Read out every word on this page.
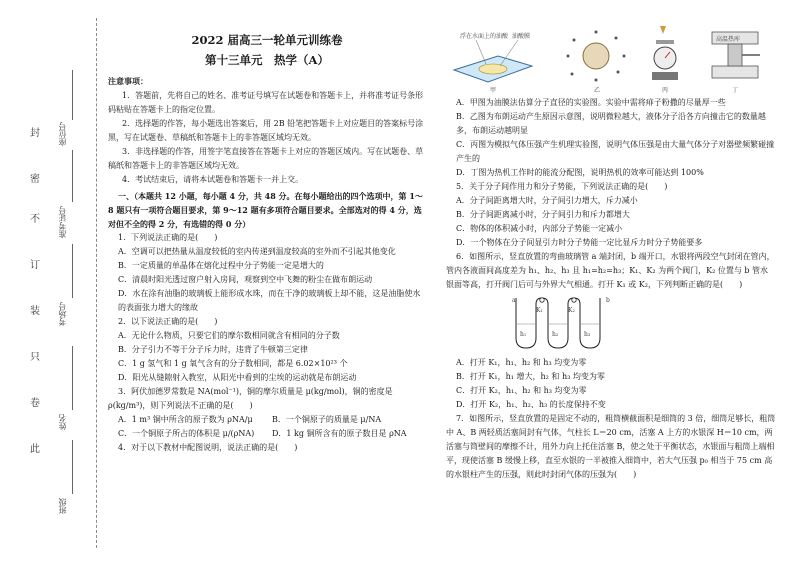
封
密
不
订
装
只
卷
此
座位号
准考证号
考场号
姓名
班级
2022 届高三一轮单元训练卷
第十三单元　热学（A）
注意事项：

1．答题前，先将自己的姓名、准考证号填写在试题卷和答题卡上，并将准考证号条形码粘贴在答题卡上的指定位置。

2．选择题的作答，每小题选出答案后，用 2B 铅笔把答题卡上对应题目的答案标号涂黑，写在试题卷、草稿纸和答题卡上的非答题区域均无效。

3．非选择题的作答，用签字笔直接答在答题卡上对应的答题区域内。写在试题卷、草稿纸和答题卡上的非答题区域均无效。

4．考试结束后，请将本试题卷和答题卡一并上交。

一、（本题共 12 小题，每小题 4 分，共 48 分。在每小题给出的四个选项中，第 1～8 题只有一项符合题目要求，第 9～12 题有多项符合题目要求。全部选对的得 4 分，选对但不全的得 2 分，有选错的得 0 分）

1．下列说法正确的是(　　)

A．空调可以把热量从温度较低的室内传递到温度较高的室外而不引起其他变化

B．一定质量的单晶体在熔化过程中分子势能一定是增大的

C．清晨时阳光透过窗户射入房间，观察到空中飞舞的粉尘在做布朗运动

D．水在涂有油脂的玻璃板上能形成水珠，而在干净的玻璃板上却不能，这是油脂使水的表面张力增大的缘故

2．以下说法正确的是(　　)

A．无论什么物质，只要它们的摩尔数相同就含有相同的分子数

B．分子引力不等于分子斥力时，违背了牛顿第三定律

C．1 g 氢气和 1 g 氧气含有的分子数相同，都是 6.02×10²³ 个

D．阳光从缝隙射入教室，从阳光中看到的尘埃的运动就是布朗运动

3．阿伏加德罗常数是 NA(mol⁻¹)，铜的摩尔质量是 μ(kg/mol)，铜的密度是 ρ(kg/m³)，则下列说法不正确的是(　　)

A．1 m³ 铜中所含的原子数为 ρNA/μ	B．一个铜原子的质量是 μ/NA
C．一个铜原子所占的体积是 μ/(ρNA)	D．1 kg 铜所含有的原子数目是 ρNA

4．对于以下教材中配图说明，说法正确的是(　　)

浮在水面上的油酸 油酸膜	高温热库
甲	乙	丙	丁

A．甲图为油膜法估算分子直径的实验图。实验中需将痱子粉撒的尽量厚一些

B．乙图为布朗运动产生原因示意图，说明微粒越大，液体分子沿各方向撞击它的数量越多，布朗运动越明显

C．丙图为模拟气体压强产生机理实验图，说明气体压强是由大量气体分子对器壁频繁碰撞产生的

D．丁图为热机工作时的能流分配图，说明热机的效率可能达到 100%

5．关于分子间作用力和分子势能，下列说法正确的是(　　)

A．分子间距离增大时，分子间引力增大，斥力减小

B．分子间距离减小时，分子间引力和斥力都增大

C．物体的体积减小时，内部分子势能一定减小

D．一个物体在分子间显引力时分子势能一定比显斥力时分子势能要多

6．如图所示，竖直放置的弯曲玻璃管 a 端封闭，b 端开口，水银将两段空气封闭在管内，管内各液面间高度差为 h₁、h₂、h₃ 且 h₁=h₂=h₃；K₁、K₂ 为两个阀门，K₂ 位置与 b 管水银面等高，打开阀门后可与外界大气相通。打开 K₁ 或 K₂，下列判断正确的是(　　)

a	b
h₁	h₂	h₃
K₁	K₂

A．打开 K₁，h₁、h₂ 和 h₃ 均变为零

B．打开 K₁，h₁ 增大，h₂ 和 h₃ 均变为零

C．打开 K₂，h₁、h₂ 和 h₃ 均变为零

D．打开 K₂，h₁、h₂、h₃ 的长度保持不变

7．如图所示，竖直放置的是固定不动的，粗筒横截面积是细筒的 3 倍，细筒足够长，粗筒中 A、B 两轻质活塞间封有气体，气柱长 L＝20 cm，活塞 A 上方的水银深 H＝10 cm，两活塞与筒壁间的摩擦不计，用外力向上托住活塞 B，使之处于平衡状态，水银面与粗筒上端相平，现使活塞 B 缓慢上移，直至水银的一半被推入细筒中，若大气压强 p₀ 相当于 75 cm 高的水银柱产生的压强，则此时封闭气体的压强为(　　)
